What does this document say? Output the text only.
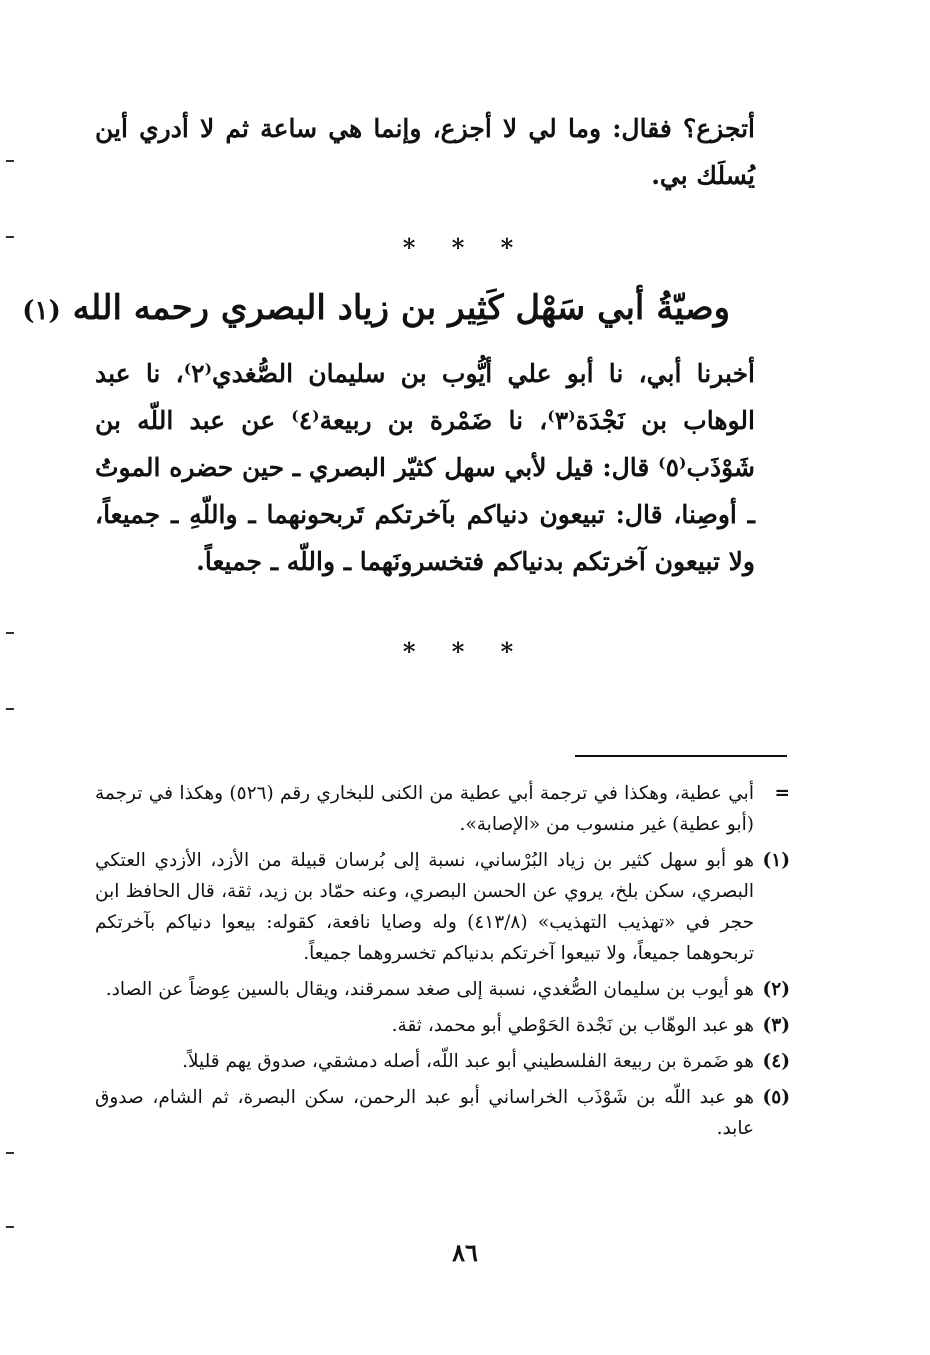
أتجزع؟ فقال: وما لي لا أجزع، وإنما هي ساعة ثم لا أدري أين يُسلَك بي.

* * *
وصيّةُ أبي سَهْل كَثِير بن زياد البصري رحمه الله (١)

أخبرنا أبي، نا أبو علي أيُّوب بن سليمان الصُّغدي⁽٢⁾، نا عبد الوهاب بن نَجْدَة⁽٣⁾، نا ضَمْرة بن ربيعة⁽٤⁾ عن عبد اللّه بن شَوْذَب⁽٥⁾ قال: قيل لأبي سهل كثيّر البصري ـ حين حضره الموتُ ـ أوصِنا، قال: تبيعون دنياكم بآخرتكم تَربحونهما ـ واللّهِ ـ جميعاً، ولا تبيعون آخرتكم بدنياكم فتخسرونَهما ـ واللّه ـ جميعاً.

* * *

=
أبي عطية، وهكذا في ترجمة أبي عطية من الكنى للبخاري رقم (٥٢٦) وهكذا في ترجمة (أبو عطية) غير منسوب من «الإصابة».

(١)
هو أبو سهل كثير بن زياد البُرْساني، نسبة إلى بُرسان قبيلة من الأزد، الأزدي العتكي البصري، سكن بلخ، يروي عن الحسن البصري، وعنه حمّاد بن زيد، ثقة، قال الحافظ ابن حجر في «تهذيب التهذيب» (٤١٣/٨) وله وصايا نافعة، كقوله: بيعوا دنياكم بآخرتكم تربحوهما جميعاً، ولا تبيعوا آخرتكم بدنياكم تخسروهما جميعاً.

(٢)
هو أيوب بن سليمان الصُّغدي، نسبة إلى صغد سمرقند، ويقال بالسين عِوضاً عن الصاد.

(٣)
هو عبد الوهّاب بن نَجْدة الحَوْطي أبو محمد، ثقة.

(٤)
هو ضَمرة بن ربيعة الفلسطيني أبو عبد اللّه، أصله دمشقي، صدوق يهم قليلاً.

(٥)
هو عبد اللّه بن شَوْذَب الخراساني أبو عبد الرحمن، سكن البصرة، ثم الشام، صدوق عابد.

٨٦
